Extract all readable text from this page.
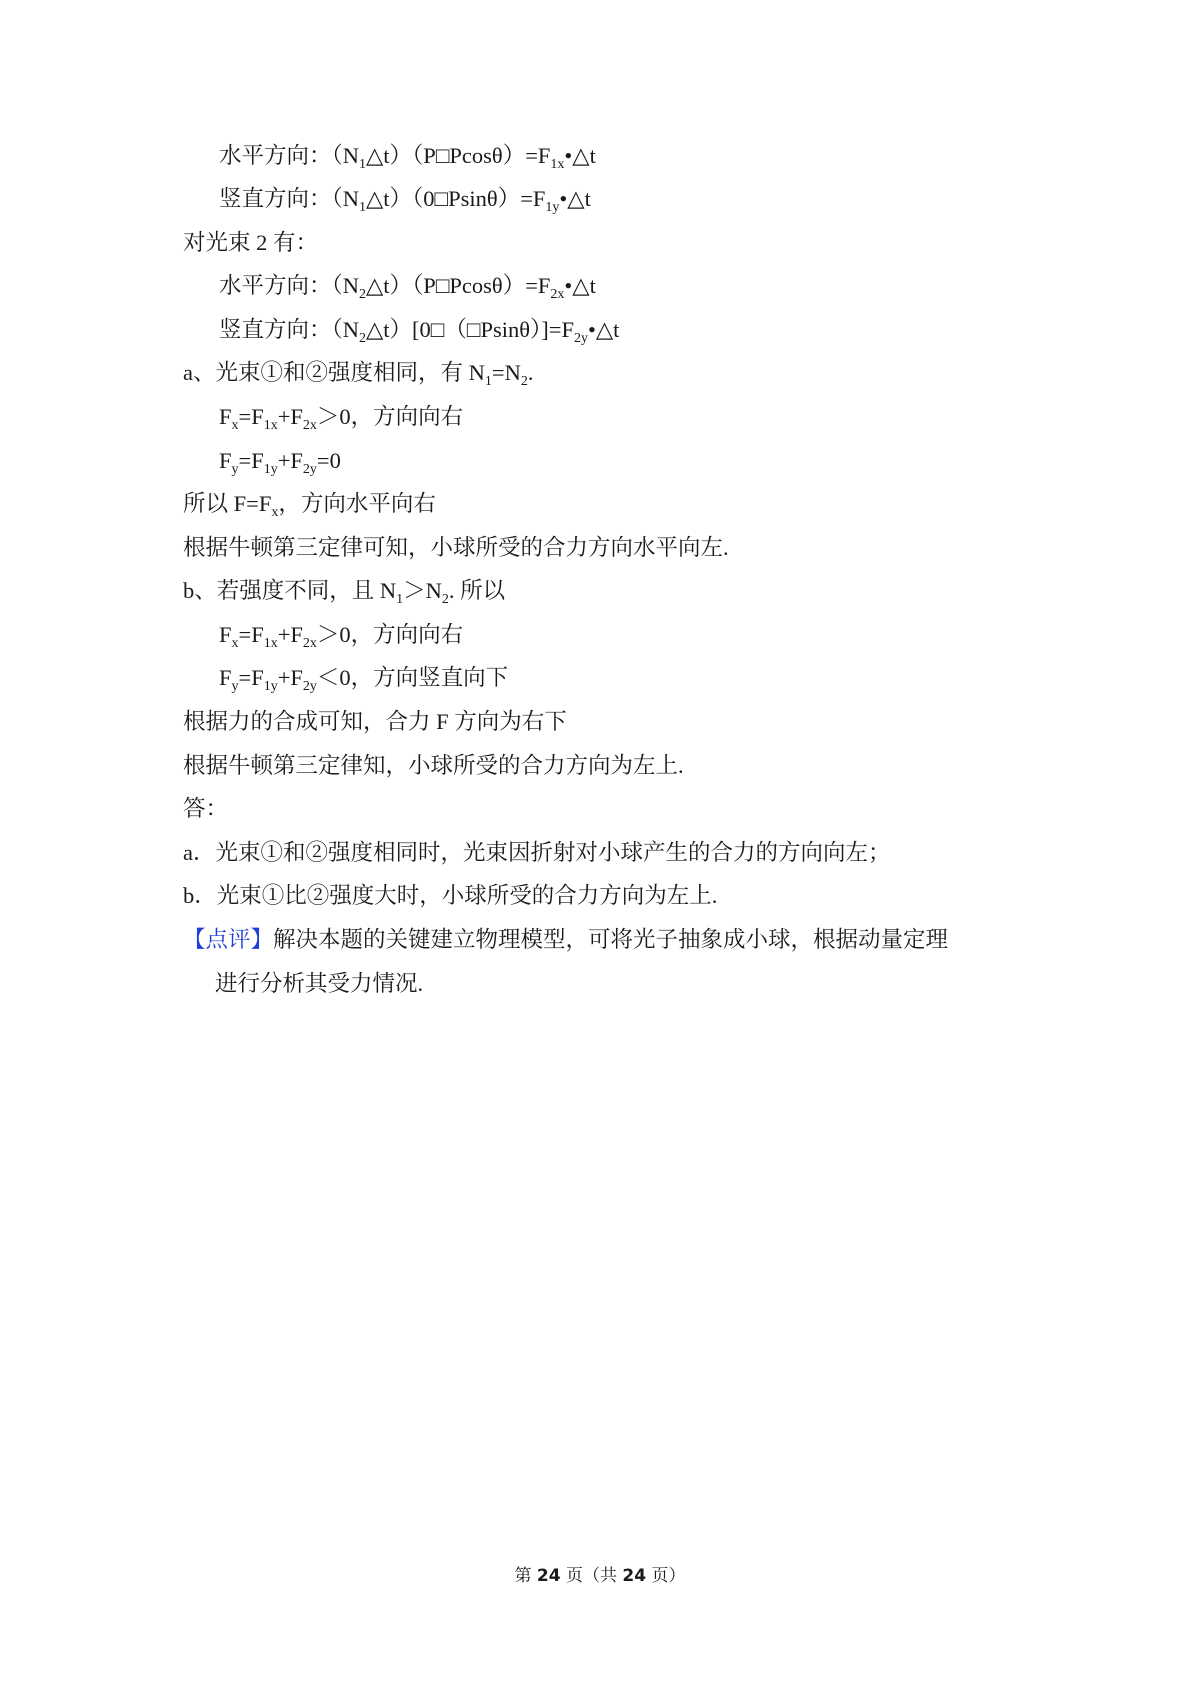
水平方向：$(N_1\triangle t)(P□Pcos\theta)=F_{1x}•\triangle t$
竖直方向：$(N_1\triangle t)(0□Psin\theta)=F_{1y}•\triangle t$
对光束 2 有：
水平方向：$(N_2\triangle t)(P□Pcos\theta)=F_{2x}•\triangle t$
竖直方向：$(N_2\triangle t)[0□(□Psin\theta)]=F_{2y}•\triangle t$
a、光束①和②强度相同，有 $N_1=N_2$.
$F_x=F_{1x}+F_{2x}>0$，方向向右
$F_y=F_{1y}+F_{2y}=0$
所以 $F=F_x$，方向水平向右
根据牛顿第三定律可知，小球所受的合力方向水平向左.
b、若强度不同，且 $N_1>N_2$. 所以
$F_x=F_{1x}+F_{2x}>0$，方向向右
$F_y=F_{1y}+F_{2y}<0$，方向竖直向下
根据力的合成可知，合力 F 方向为右下
根据牛顿第三定律知，小球所受的合力方向为左上.
答：
a．光束①和②强度相同时，光束因折射对小球产生的合力的方向向左；
b．光束①比②强度大时，小球所受的合力方向为左上.
【点评】解决本题的关键建立物理模型，可将光子抽象成小球，根据动量定理
进行分析其受力情况.
第 24 页（共 24 页）
